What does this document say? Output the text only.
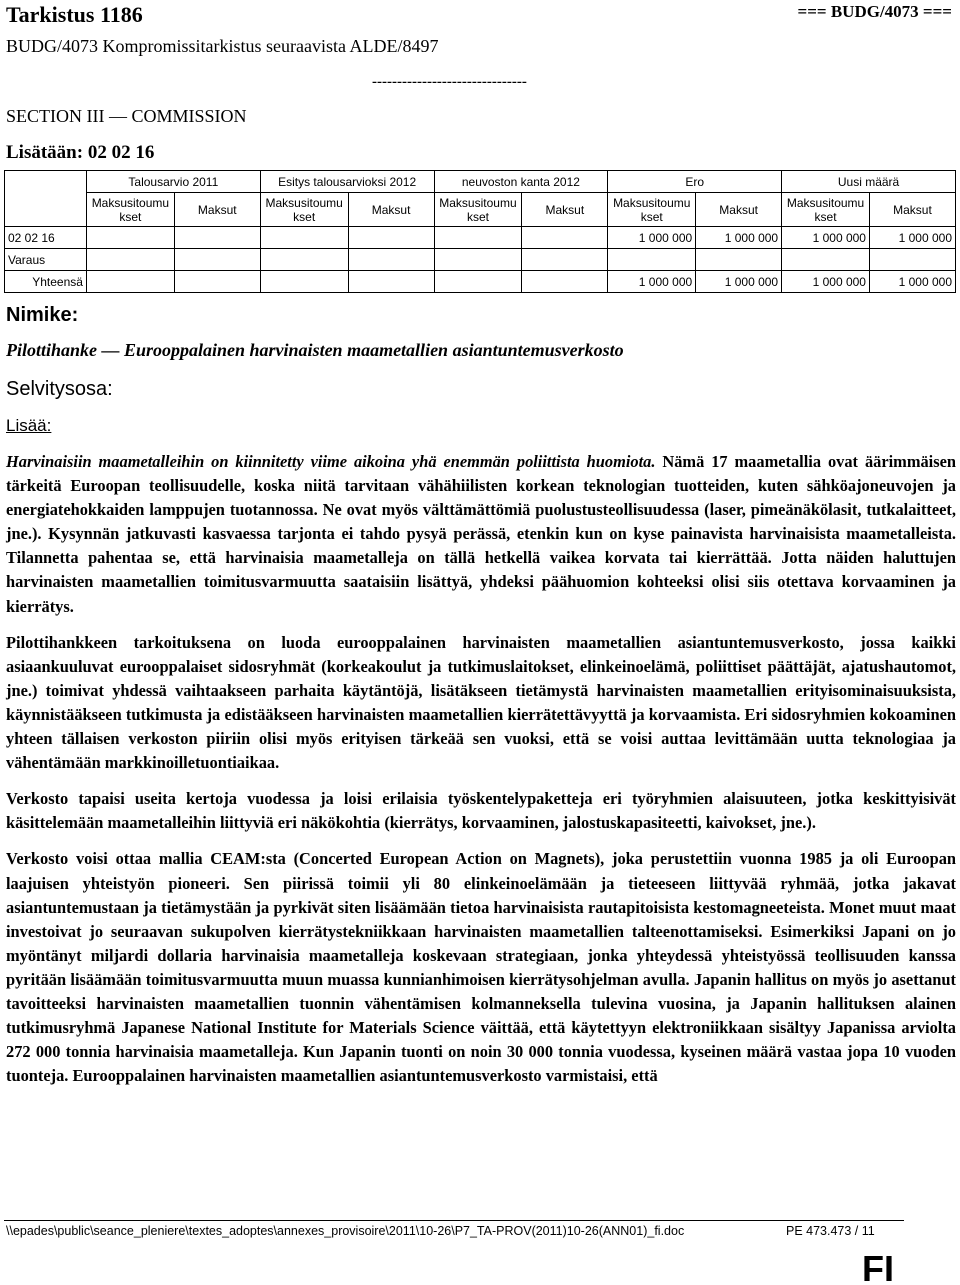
Tarkistus 1186	=== BUDG/4073 ===
BUDG/4073 Kompromissitarkistus seuraavista ALDE/8497
-------------------------------
SECTION III — COMMISSION
Lisätään: 02 02 16
	Talousarvio 2011		Esitys talousarvioksi 2012		neuvoston kanta 2012		Ero		Uusi määrä	
	Maksusitoumukset	Maksut	Maksusitoumukset	Maksut	Maksusitoumukset	Maksut	Maksusitoumukset	Maksut	Maksusitoumukset	Maksut
02 02 16							1 000 000	1 000 000	1 000 000	1 000 000
Varaus										
Yhteensä							1 000 000	1 000 000	1 000 000	1 000 000
Nimike:
Pilottihanke — Eurooppalainen harvinaisten maametallien asiantuntemusverkosto
Selvitysosa:
Lisää:

Harvinaisiin maametalleihin on kiinnitetty viime aikoina yhä enemmän poliittista huomiota. Nämä 17 maametallia ovat äärimmäisen tärkeitä Euroopan teollisuudelle, koska niitä tarvitaan vähähiilisten korkean teknologian tuotteiden, kuten sähköajoneuvojen ja energiatehokkaiden lamppujen tuotannossa. Ne ovat myös välttämättömiä puolustusteollisuudessa (laser, pimeänäkölasit, tutkalaitteet, jne.). Kysynnän jatkuvasti kasvaessa tarjonta ei tahdo pysyä perässä, etenkin kun on kyse painavista harvinaisista maametalleista. Tilannetta pahentaa se, että harvinaisia maametalleja on tällä hetkellä vaikea korvata tai kierrättää. Jotta näiden haluttujen harvinaisten maametallien toimitusvarmuutta saataisiin lisättyä, yhdeksi päähuomion kohteeksi olisi siis otettava korvaaminen ja kierrätys.

Pilottihankkeen tarkoituksena on luoda eurooppalainen harvinaisten maametallien asiantuntemusverkosto, jossa kaikki asiaankuuluvat eurooppalaiset sidosryhmät (korkeakoulut ja tutkimuslaitokset, elinkeinoelämä, poliittiset päättäjät, ajatushautomot, jne.) toimivat yhdessä vaihtaakseen parhaita käytäntöjä, lisätäkseen tietämystä harvinaisten maametallien erityisominaisuuksista, käynnistääkseen tutkimusta ja edistääkseen harvinaisten maametallien kierrätettävyyttä ja korvaamista. Eri sidosryhmien kokoaminen yhteen tällaisen verkoston piiriin olisi myös erityisen tärkeää sen vuoksi, että se voisi auttaa levittämään uutta teknologiaa ja vähentämään markkinoilletuontiaikaa.

Verkosto tapaisi useita kertoja vuodessa ja loisi erilaisia työskentelypaketteja eri työryhmien alaisuuteen, jotka keskittyisivät käsittelemään maametalleihin liittyviä eri näkökohtia (kierrätys, korvaaminen, jalostuskapasiteetti, kaivokset, jne.).

Verkosto voisi ottaa mallia CEAM:sta (Concerted European Action on Magnets), joka perustettiin vuonna 1985 ja oli Euroopan laajuisen yhteistyön pioneeri. Sen piirissä toimii yli 80 elinkeinoelämään ja tieteeseen liittyvää ryhmää, jotka jakavat asiantuntemustaan ja tietämystään ja pyrkivät siten lisäämään tietoa harvinaisista rautapitoisista kestomagneeteista. Monet muut maat investoivat jo seuraavan sukupolven kierrätystekniikkaan harvinaisten maametallien talteenottamiseksi. Esimerkiksi Japani on jo myöntänyt miljardi dollaria harvinaisia maametalleja koskevaan strategiaan, jonka yhteydessä yhteistyössä teollisuuden kanssa pyritään lisäämään toimitusvarmuutta muun muassa kunnianhimoisen kierrätysohjelman avulla. Japanin hallitus on myös jo asettanut tavoitteeksi harvinaisten maametallien tuonnin vähentämisen kolmanneksella tulevina vuosina, ja Japanin hallituksen alainen tutkimusryhmä Japanese National Institute for Materials Science väittää, että käytettyyn elektroniikkaan sisältyy Japanissa arviolta 272 000 tonnia harvinaisia maametalleja. Kun Japanin tuonti on noin 30 000 tonnia vuodessa, kyseinen määrä vastaa jopa 10 vuoden tuonteja. Eurooppalainen harvinaisten maametallien asiantuntemusverkosto varmistaisi, että

\\epades\public\seance_pleniere\textes_adoptes\annexes_provisoire\2011\10-26\P7_TA-PROV(2011)10-26(ANN01)_fi.doc	PE 473.473 / 11
FI
